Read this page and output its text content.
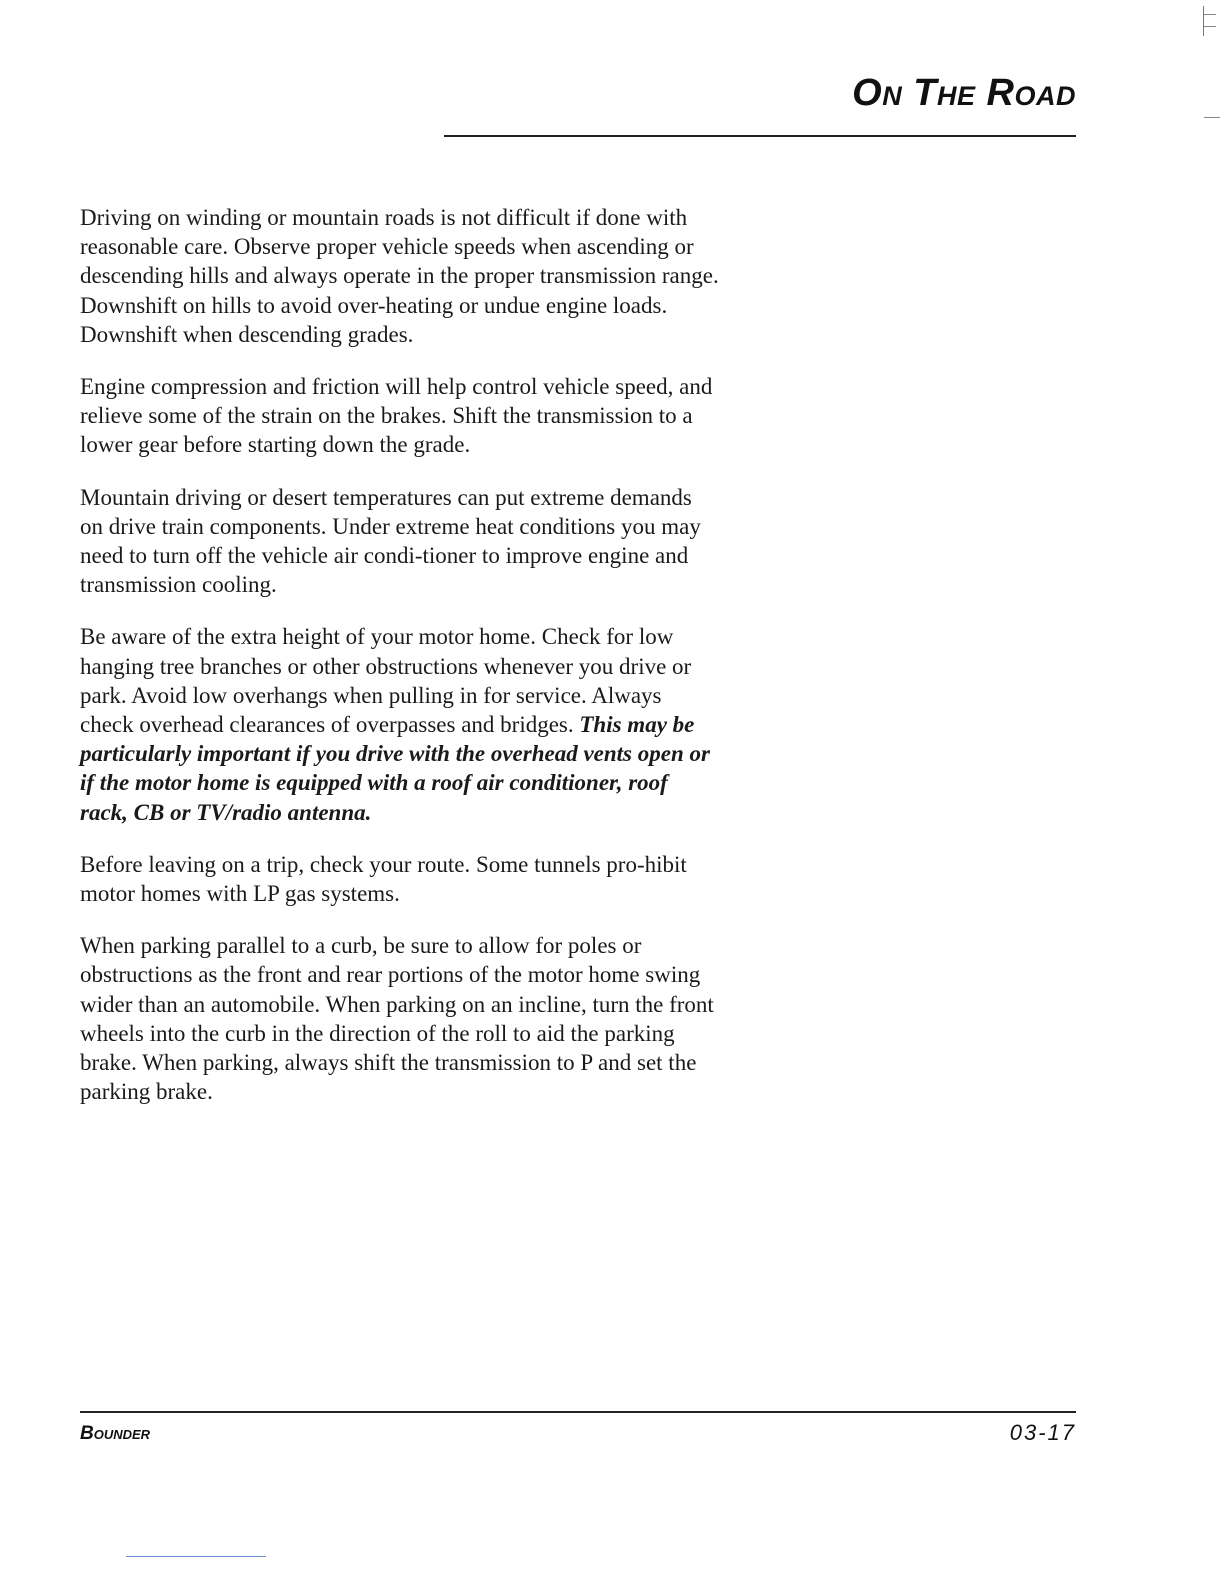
On The Road

Driving on winding or mountain roads is not difficult if done with reasonable care. Observe proper vehicle speeds when ascending or descending hills and always operate in the proper transmission range. Downshift on hills to avoid over-heating or undue engine loads. Downshift when descending grades.

Engine compression and friction will help control vehicle speed, and relieve some of the strain on the brakes. Shift the transmission to a lower gear before starting down the grade.

Mountain driving or desert temperatures can put extreme demands on drive train components. Under extreme heat conditions you may need to turn off the vehicle air condi-tioner to improve engine and transmission cooling.

Be aware of the extra height of your motor home. Check for low hanging tree branches or other obstructions whenever you drive or park. Avoid low overhangs when pulling in for service. Always check overhead clearances of overpasses and bridges. This may be particularly important if you drive with the overhead vents open or if the motor home is equipped with a roof air conditioner, roof rack, CB or TV/radio antenna.

Before leaving on a trip, check your route. Some tunnels pro-hibit motor homes with LP gas systems.

When parking parallel to a curb, be sure to allow for poles or obstructions as the front and rear portions of the motor home swing wider than an automobile. When parking on an incline, turn the front wheels into the curb in the direction of the roll to aid the parking brake. When parking, always shift the transmission to P and set the parking brake.

Bounder	03-17
